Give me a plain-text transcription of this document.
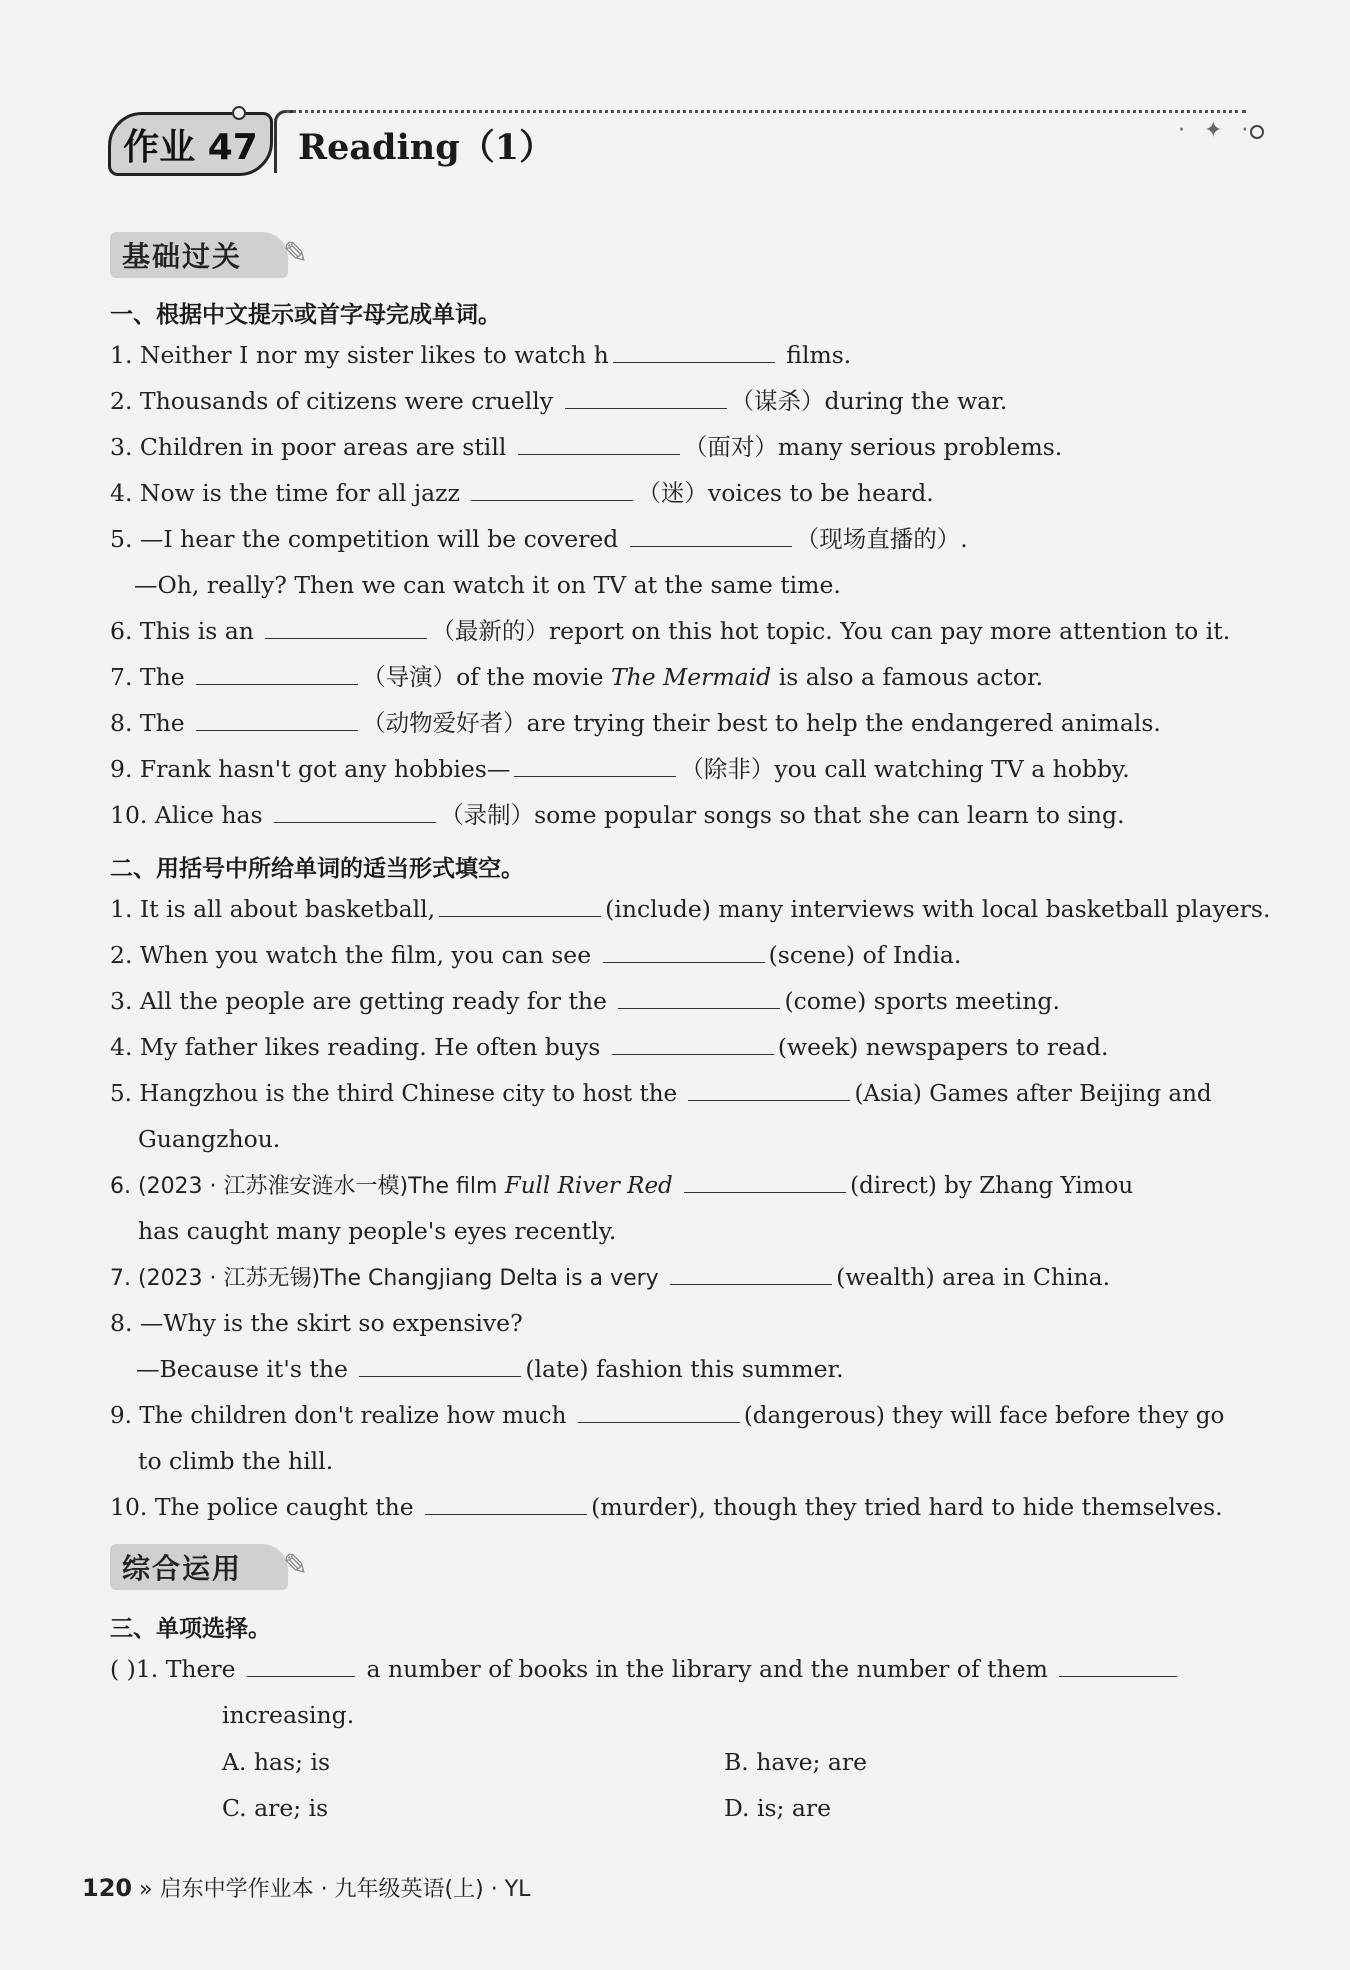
作业 47	Reading（1）	· ✦ ·
基础过关 ✎
一、根据中文提示或首字母完成单词。
1. Neither I nor my sister likes to watch h	films.
2. Thousands of citizens were cruelly	（谋杀）during the war.
3. Children in poor areas are still	（面对）many serious problems.
4. Now is the time for all jazz	（迷）voices to be heard.
5. —I hear the competition will be covered	（现场直播的）.
—Oh, really? Then we can watch it on TV at the same time.
6. This is an	（最新的）report on this hot topic. You can pay more attention to it.
7. The	（导演）of the movie The Mermaid is also a famous actor.
8. The	（动物爱好者）are trying their best to help the endangered animals.
9. Frank hasn't got any hobbies—	（除非）you call watching TV a hobby.
10. Alice has	（录制）some popular songs so that she can learn to sing.
二、用括号中所给单词的适当形式填空。
1. It is all about basketball,	(include) many interviews with local basketball players.
2. When you watch the film, you can see	(scene) of India.
3. All the people are getting ready for the	(come) sports meeting.
4. My father likes reading. He often buys	(week) newspapers to read.
5. Hangzhou is the third Chinese city to host the	(Asia) Games after Beijing and
Guangzhou.
6. (2023 · 江苏淮安涟水一模)The film Full River Red	(direct) by Zhang Yimou
has caught many people's eyes recently.
7. (2023 · 江苏无锡)The Changjiang Delta is a very	(wealth) area in China.
8. —Why is the skirt so expensive?
—Because it's the	(late) fashion this summer.
9. The children don't realize how much	(dangerous) they will face before they go
to climb the hill.
10. The police caught the	(murder), though they tried hard to hide themselves.
综合运用 ✎
三、单项选择。
( )1. There	a number of books in the library and the number of them
increasing.
A. has; is	B. have; are
C. are; is	D. is; are
120 » 启东中学作业本 · 九年级英语(上) · YL
